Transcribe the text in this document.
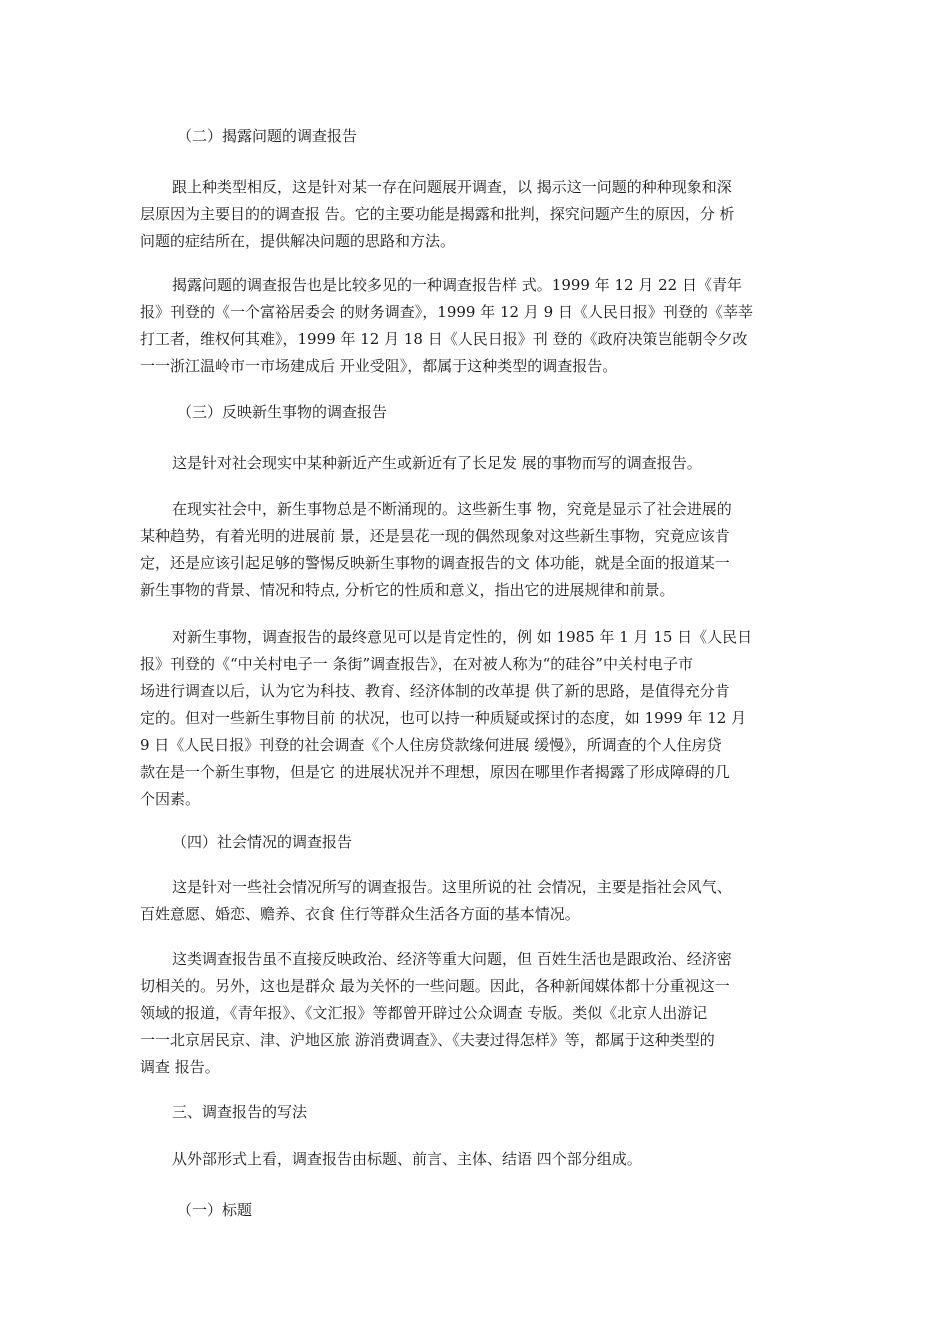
（二）揭露问题的调查报告

跟上种类型相反，这是针对某一存在问题展开调查，以 揭示这一问题的种种现象和深
层原因为主要目的的调查报 告。它的主要功能是揭露和批判，探究问题产生的原因，分 析
问题的症结所在，提供解决问题的思路和方法。
揭露问题的调查报告也是比较多见的一种调查报告样 式。1999 年 12 月 22 日《青年
报》刊登的《一个富裕居委会 的财务调查》，1999 年 12 月 9 日《人民日报》刊登的《莘莘
打工者，维权何其难》，1999 年 12 月 18 日《人民日报》刊 登的《政府决策岂能朝令夕改
一一浙江温岭市一市场建成后 开业受阻》，都属于这种类型的调查报告。

（三）反映新生事物的调查报告

这是针对社会现实中某种新近产生或新近有了长足发 展的事物而写的调查报告。
在现实社会中，新生事物总是不断涌现的。这些新生事 物，究竟是显示了社会进展的
某种趋势，有着光明的进展前 景，还是昙花一现的偶然现象对这些新生事物，究竟应该肯
定，还是应该引起足够的警惕反映新生事物的调查报告的文 体功能，就是全面的报道某一
新生事物的背景、情况和特点, 分析它的性质和意义，指出它的进展规律和前景。
对新生事物，调查报告的最终意见可以是肯定性的，例 如 1985 年 1 月 15 日《人民日
报》刊登的《“中关村电子一 条街”调查报告》，在对被人称为“的硅谷”中关村电子市
场进行调查以后，认为它为科技、教育、经济体制的改革提 供了新的思路，是值得充分肯
定的。但对一些新生事物目前 的状况，也可以持一种质疑或探讨的态度，如 1999 年 12 月
9 日《人民日报》刊登的社会调查《个人住房贷款缘何进展 缓慢》，所调查的个人住房贷
款在是一个新生事物，但是它 的进展状况并不理想，原因在哪里作者揭露了形成障碍的几
个因素。

（四）社会情况的调查报告

这是针对一些社会情况所写的调查报告。这里所说的社 会情况，主要是指社会风气、
百姓意愿、婚恋、赡养、衣食 住行等群众生活各方面的基本情况。
这类调查报告虽不直接反映政治、经济等重大问题，但 百姓生活也是跟政治、经济密
切相关的。另外，这也是群众 最为关怀的一些问题。因此，各种新闻媒体都十分重视这一
领域的报道，《青年报》、《文汇报》等都曾开辟过公众调查 专版。类似《北京人出游记
一一北京居民京、津、沪地区旅 游消费调查》、《夫妻过得怎样》等，都属于这种类型的
调查 报告。

三、调查报告的写法

从外部形式上看，调查报告由标题、前言、主体、结语 四个部分组成。

（一）标题
